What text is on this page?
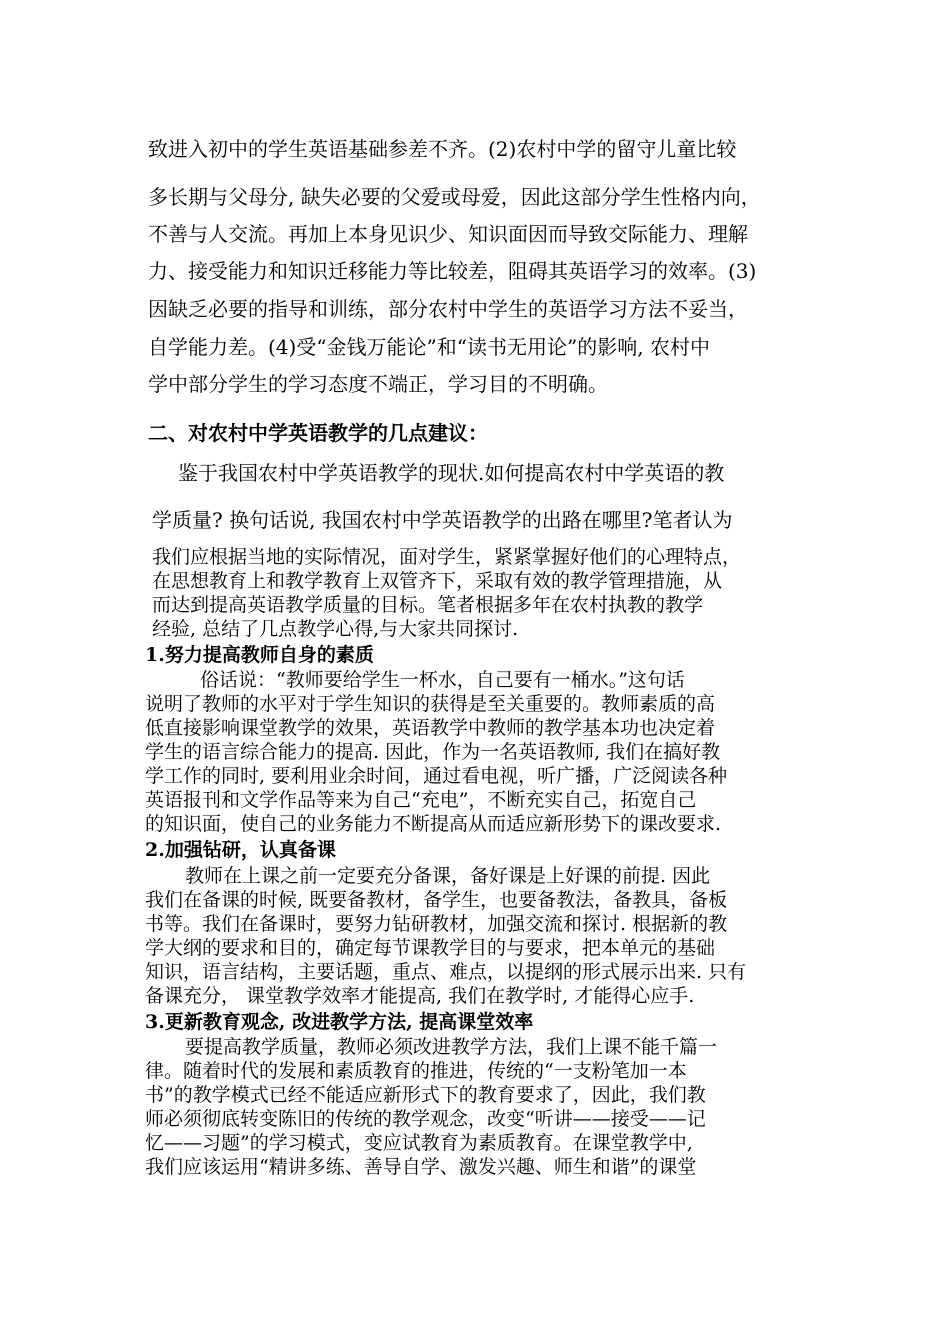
致进入初中的学生英语基础参差不齐。(2)农村中学的留守儿童比较

多长期与父母分, 缺失必要的父爱或母爱，因此这部分学生性格内向，

不善与人交流。再加上本身见识少、知识面因而导致交际能力、理解

力、接受能力和知识迁移能力等比较差，阻碍其英语学习的效率。(3)

因缺乏必要的指导和训练，部分农村中学生的英语学习方法不妥当，

自学能力差。(4)受“金钱万能论”和“读书无用论”的影响, 农村中

学中部分学生的学习态度不端正，学习目的不明确。

二、对农村中学英语教学的几点建议：

鉴于我国农村中学英语教学的现状.如何提高农村中学英语的教

学质量? 换句话说, 我国农村中学英语教学的出路在哪里?笔者认为

我们应根据当地的实际情况，面对学生，紧紧掌握好他们的心理特点，

在思想教育上和教学教育上双管齐下，采取有效的教学管理措施，从

而达到提高英语教学质量的目标。笔者根据多年在农村执教的教学

经验, 总结了几点教学心得,与大家共同探讨.

1.努力提高教师自身的素质

俗话说：“教师要给学生一杯水，自己要有一桶水。”这句话

说明了教师的水平对于学生知识的获得是至关重要的。教师素质的高

低直接影响课堂教学的效果，英语教学中教师的教学基本功也决定着

学生的语言综合能力的提高. 因此，作为一名英语教师, 我们在搞好教

学工作的同时, 要利用业余时间，通过看电视，听广播，广泛阅读各种

英语报刊和文学作品等来为自己“充电”，不断充实自己，拓宽自己

的知识面，使自己的业务能力不断提高从而适应新形势下的课改要求.

2.加强钻研，认真备课

教师在上课之前一定要充分备课，备好课是上好课的前提. 因此

我们在备课的时候, 既要备教材，备学生，也要备教法，备教具，备板

书等。我们在备课时，要努力钻研教材，加强交流和探讨. 根据新的教

学大纲的要求和目的，确定每节课教学目的与要求，把本单元的基础

知识，语言结构，主要话题，重点、难点，以提纲的形式展示出来. 只有

备课充分， 课堂教学效率才能提高, 我们在教学时, 才能得心应手.

3.更新教育观念, 改进教学方法, 提高课堂效率

要提高教学质量，教师必须改进教学方法，我们上课不能千篇一

律。随着时代的发展和素质教育的推进，传统的“一支粉笔加一本

书”的教学模式已经不能适应新形式下的教育要求了，因此，我们教

师必须彻底转变陈旧的传统的教学观念，改变“听讲——接受——记

忆——习题”的学习模式，变应试教育为素质教育。在课堂教学中,

我们应该运用“精讲多练、善导自学、激发兴趣、师生和谐”的课堂
